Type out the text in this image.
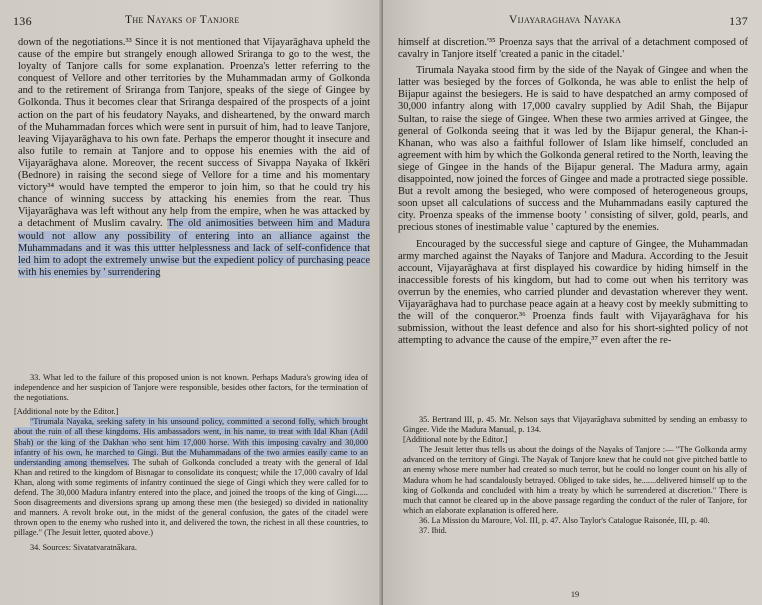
136	The Nayaks of Tanjore

down of the negotiations.³³ Since it is not mentioned that Vijayarāghava upheld the cause of the empire but strangely enough allowed Sriranga to go to the west, the loyalty of Tanjore calls for some explanation. Proenza's letter referring to the conquest of Vellore and other territories by the Muhammadan army of Golkonda and to the retirement of Sriranga from Tanjore, speaks of the siege of Gingee by Golkonda. Thus it becomes clear that Sriranga despaired of the prospects of a joint action on the part of his feudatory Nayaks, and disheartened, by the onward march of the Muhammadan forces which were sent in pursuit of him, had to leave Tanjore, leaving Vijayarāghava to his own fate. Perhaps the emperor thought it insecure and also futile to remain at Tanjore and to oppose his enemies with the aid of Vijayarāghava alone. Moreover, the recent success of Sivappa Nayaka of Ikkēri (Bednore) in raising the second siege of Vellore for a time and his momentary victory³⁴ would have tempted the emperor to join him, so that he could try his chance of winning success by attacking his enemies from the rear. Thus Vijayarāghava was left without any help from the empire, when he was attacked by a detachment of Muslim cavalry. The old animosities between him and Madura would not allow any possibility of entering into an alliance against the Muhammadans and it was this uttter helplessness and lack of self-confidence that led him to adopt the extremely unwise but the expedient policy of purchasing peace with his enemies by ' surrendering

33. What led to the failure of this proposed union is not known. Perhaps Madura's growing idea of independence and her suspicion of Tanjore were responsible, besides other factors, for the termination of the negotiations.

[Additional note by the Editor.]

"Tirumala Nayaka, seeking safety in his unsound policy, committed a second folly, which brought about the ruin of all these kingdoms. His ambassadors went, in his name, to treat with Idal Khan (Adil Shah) or the king of the Dakhan who sent him 17,000 horse. With this imposing cavalry and 30,000 infantry of his own, he marched to Gingi. But the Muhammadans of the two armies easily came to an understanding among themselves. The subah of Golkonda concluded a treaty with the general of Idal Khan and retired to the kingdom of Bisnagar to consolidate its conquest; while the 17,000 cavalry of Idal Khan, along with some regiments of infantry continued the siege of Gingi which they were called for to defend. The 30,000 Madura infantry entered into the place, and joined the troops of the king of Gingi...... Soon disagreements and diversions sprang up among these men (the besieged) so divided in nationality and manners. A revolt broke out, in the midst of the general confusion, the gates of the citadel were thrown open to the enemy who rushed into it, and delivered the town, the richest in all these countries, to pillage." (The Jesuit letter, quoted above.)

34. Sources: Sivatatvaratnākara.

Vijayaraghava Nayaka	137

himself at discretion.'³⁵ Proenza says that the arrival of a detachment composed of cavalry in Tanjore itself 'created a panic in the citadel.'

Tirumala Nayaka stood firm by the side of the Nayak of Gingee and when the latter was besieged by the forces of Golkonda, he was able to enlist the help of Bijapur against the besiegers. He is said to have despatched an army composed of 30,000 infantry along with 17,000 cavalry supplied by Adil Shah, the Bijapur Sultan, to raise the siege of Gingee. When these two armies arrived at Gingee, the general of Golkonda seeing that it was led by the Bijapur general, the Khan-i-Khanan, who was also a faithful follower of Islam like himself, concluded an agreement with him by which the Golkonda general retired to the North, leaving the siege of Gingee in the hands of the Bijapur general. The Madura army, again disappointed, now joined the forces of Gingee and made a protracted siege possible. But a revolt among the besieged, who were composed of heterogeneous groups, soon upset all calculations of success and the Muhammadans easily captured the city. Proenza speaks of the immense booty ' consisting of silver, gold, pearls, and precious stones of inestimable value ' captured by the enemies.

Encouraged by the successful siege and capture of Gingee, the Muhammadan army marched against the Nayaks of Tanjore and Madura. According to the Jesuit account, Vijayarāghava at first displayed his cowardice by hiding himself in the inaccessible forests of his kingdom, but had to come out when his territory was overrun by the enemies, who carried plunder and devastation wherever they went. Vijayarāghava had to purchase peace again at a heavy cost by meekly submitting to the will of the conqueror.³⁶ Proenza finds fault with Vijayarāghava for his submission, without the least defence and also for his short-sighted policy of not attempting to advance the cause of the empire,³⁷ even after the re-

35. Bertrand III, p. 45. Mr. Nelson says that Vijayarāghava submitted by sending an embassy to Gingee. Vide the Madura Manual, p. 134.

[Additional note by the Editor.]

The Jesuit letter thus tells us about the doings of the Nayaks of Tanjore :— "The Golkonda army advanced on the territory of Gingi. The Nayak of Tanjore knew that he could not give pitched battle to an enemy whose mere number had created so much terror, but he could no longer count on his ally of Madura whom he had scandalously betrayed. Obliged to take sides, he.......delivered himself up to the king of Golkonda and concluded with him a treaty by which he surrendered at discretion." There is much that cannot be cleared up in the above passage regarding the conduct of the ruler of Tanjore, for which an elaborate explanation is offered here.

36. La Mission du Maroure, Vol. III, p. 47. Also Taylor's Catalogue Raisonée, III, p. 40.

37. Ibid.

19
